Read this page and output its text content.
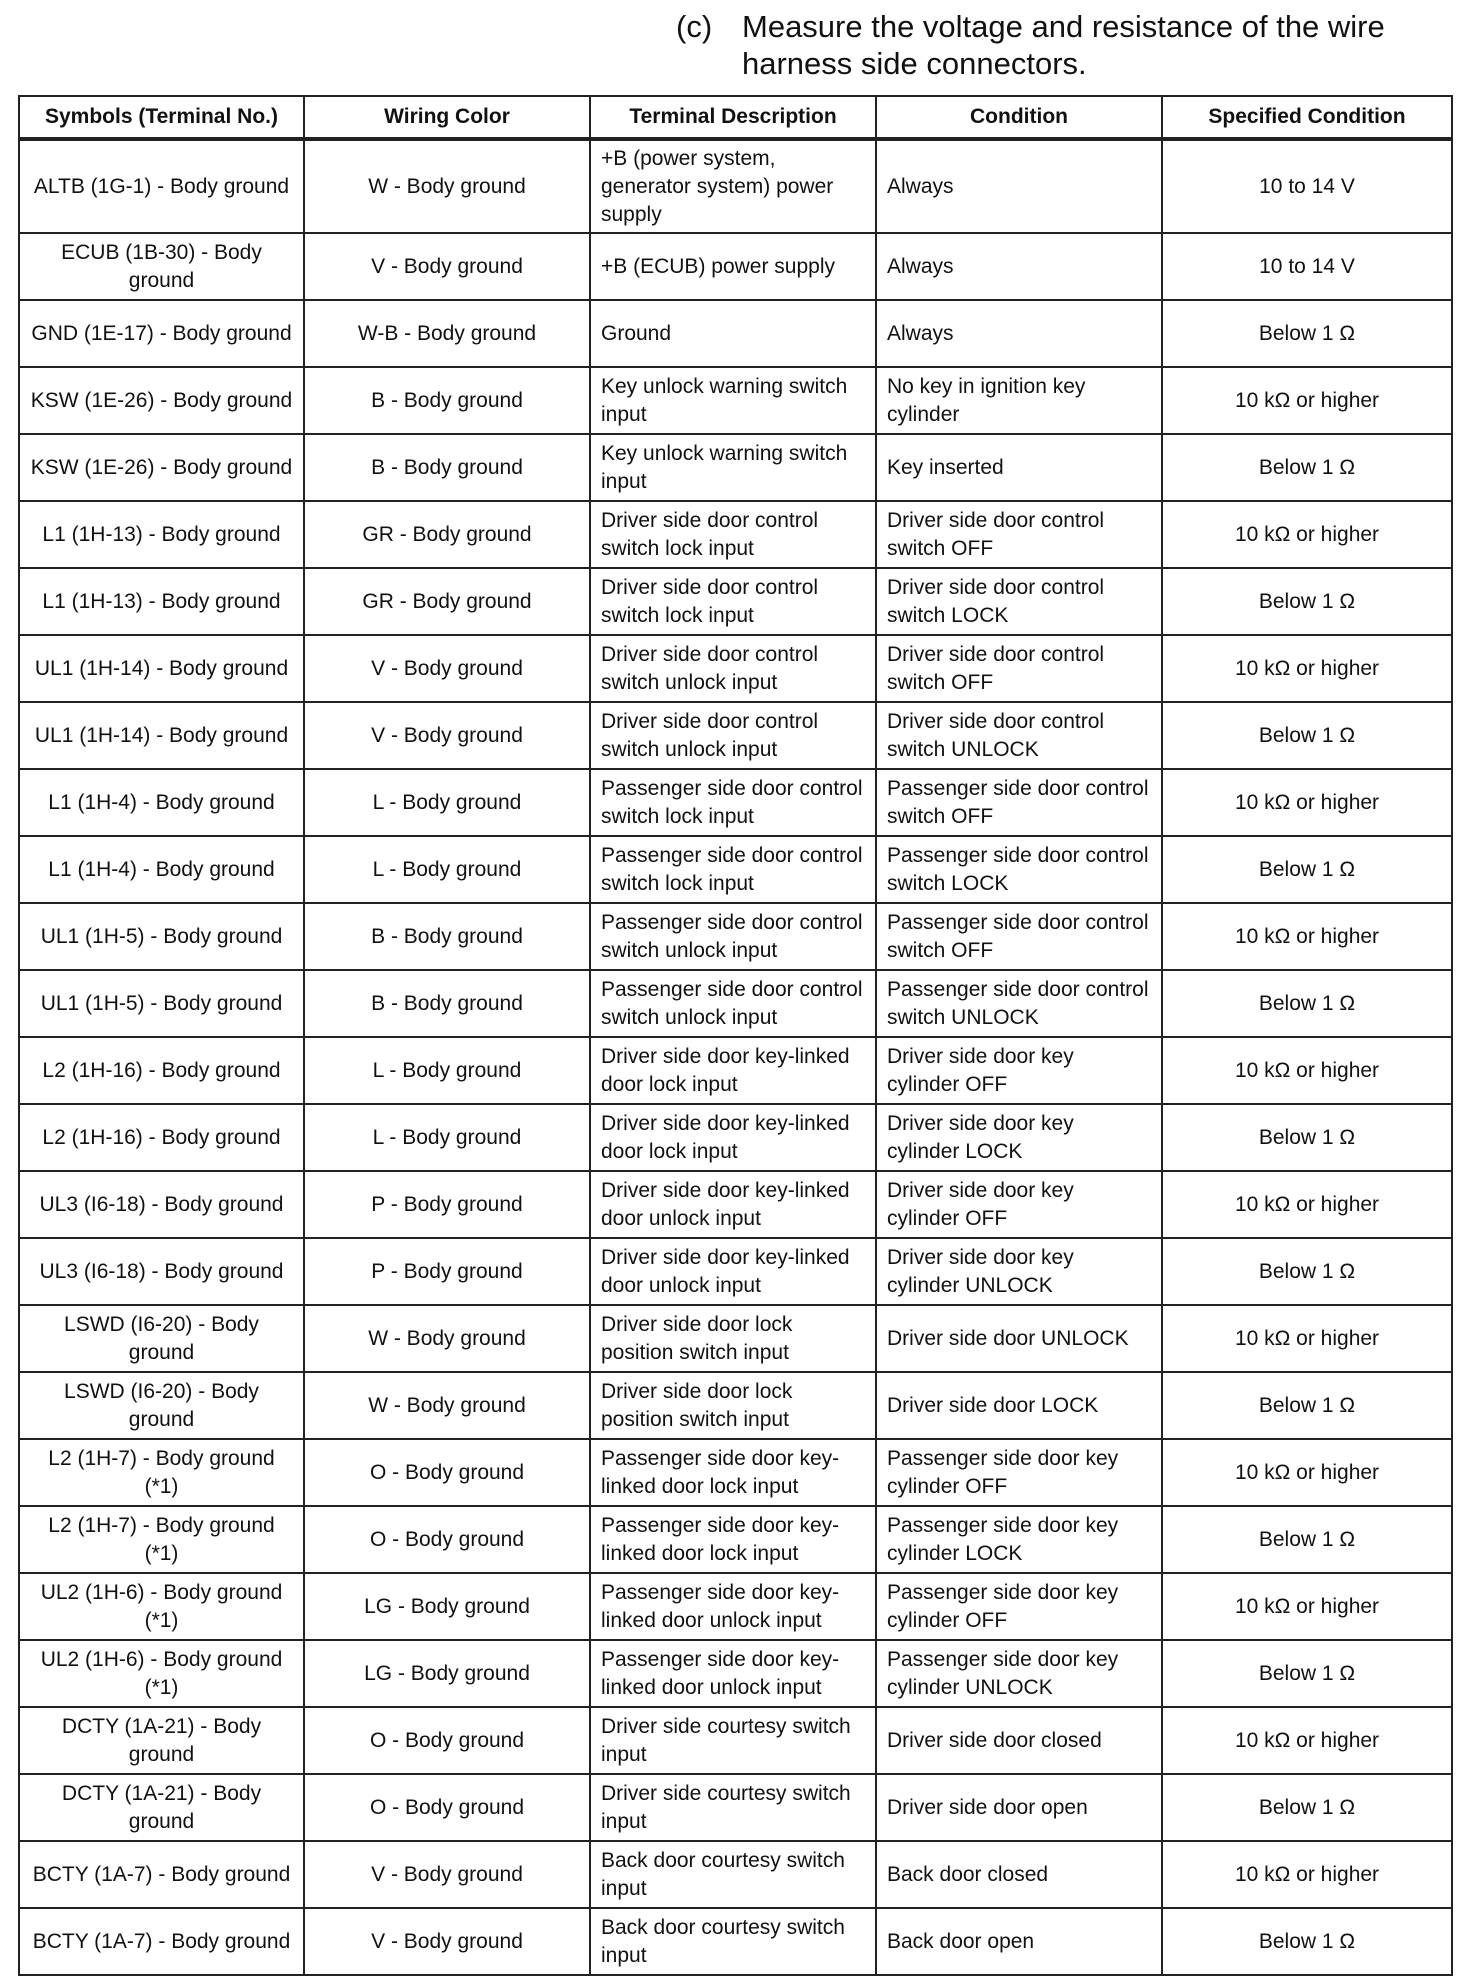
(c) Measure the voltage and resistance of the wire harness side connectors.
Symbols (Terminal No.)	Wiring Color	Terminal Description	Condition	Specified Condition
ALTB (1G-1) - Body ground	W - Body ground	+B (power system, generator system) power supply	Always	10 to 14 V
ECUB (1B-30) - Body ground	V - Body ground	+B (ECUB) power supply	Always	10 to 14 V
GND (1E-17) - Body ground	W-B - Body ground	Ground	Always	Below 1 Ω
KSW (1E-26) - Body ground	B - Body ground	Key unlock warning switch input	No key in ignition key cylinder	10 kΩ or higher
KSW (1E-26) - Body ground	B - Body ground	Key unlock warning switch input	Key inserted	Below 1 Ω
L1 (1H-13) - Body ground	GR - Body ground	Driver side door control switch lock input	Driver side door control switch OFF	10 kΩ or higher
L1 (1H-13) - Body ground	GR - Body ground	Driver side door control switch lock input	Driver side door control switch LOCK	Below 1 Ω
UL1 (1H-14) - Body ground	V - Body ground	Driver side door control switch unlock input	Driver side door control switch OFF	10 kΩ or higher
UL1 (1H-14) - Body ground	V - Body ground	Driver side door control switch unlock input	Driver side door control switch UNLOCK	Below 1 Ω
L1 (1H-4) - Body ground	L - Body ground	Passenger side door control switch lock input	Passenger side door control switch OFF	10 kΩ or higher
L1 (1H-4) - Body ground	L - Body ground	Passenger side door control switch lock input	Passenger side door control switch LOCK	Below 1 Ω
UL1 (1H-5) - Body ground	B - Body ground	Passenger side door control switch unlock input	Passenger side door control switch OFF	10 kΩ or higher
UL1 (1H-5) - Body ground	B - Body ground	Passenger side door control switch unlock input	Passenger side door control switch UNLOCK	Below 1 Ω
L2 (1H-16) - Body ground	L - Body ground	Driver side door key-linked door lock input	Driver side door key cylinder OFF	10 kΩ or higher
L2 (1H-16) - Body ground	L - Body ground	Driver side door key-linked door lock input	Driver side door key cylinder LOCK	Below 1 Ω
UL3 (I6-18) - Body ground	P - Body ground	Driver side door key-linked door unlock input	Driver side door key cylinder OFF	10 kΩ or higher
UL3 (I6-18) - Body ground	P - Body ground	Driver side door key-linked door unlock input	Driver side door key cylinder UNLOCK	Below 1 Ω
LSWD (I6-20) - Body ground	W - Body ground	Driver side door lock position switch input	Driver side door UNLOCK	10 kΩ or higher
LSWD (I6-20) - Body ground	W - Body ground	Driver side door lock position switch input	Driver side door LOCK	Below 1 Ω
L2 (1H-7) - Body ground (*1)	O - Body ground	Passenger side door key-linked door lock input	Passenger side door key cylinder OFF	10 kΩ or higher
L2 (1H-7) - Body ground (*1)	O - Body ground	Passenger side door key-linked door lock input	Passenger side door key cylinder LOCK	Below 1 Ω
UL2 (1H-6) - Body ground (*1)	LG - Body ground	Passenger side door key-linked door unlock input	Passenger side door key cylinder OFF	10 kΩ or higher
UL2 (1H-6) - Body ground (*1)	LG - Body ground	Passenger side door key-linked door unlock input	Passenger side door key cylinder UNLOCK	Below 1 Ω
DCTY (1A-21) - Body ground	O - Body ground	Driver side courtesy switch input	Driver side door closed	10 kΩ or higher
DCTY (1A-21) - Body ground	O - Body ground	Driver side courtesy switch input	Driver side door open	Below 1 Ω
BCTY (1A-7) - Body ground	V - Body ground	Back door courtesy switch input	Back door closed	10 kΩ or higher
BCTY (1A-7) - Body ground	V - Body ground	Back door courtesy switch input	Back door open	Below 1 Ω
